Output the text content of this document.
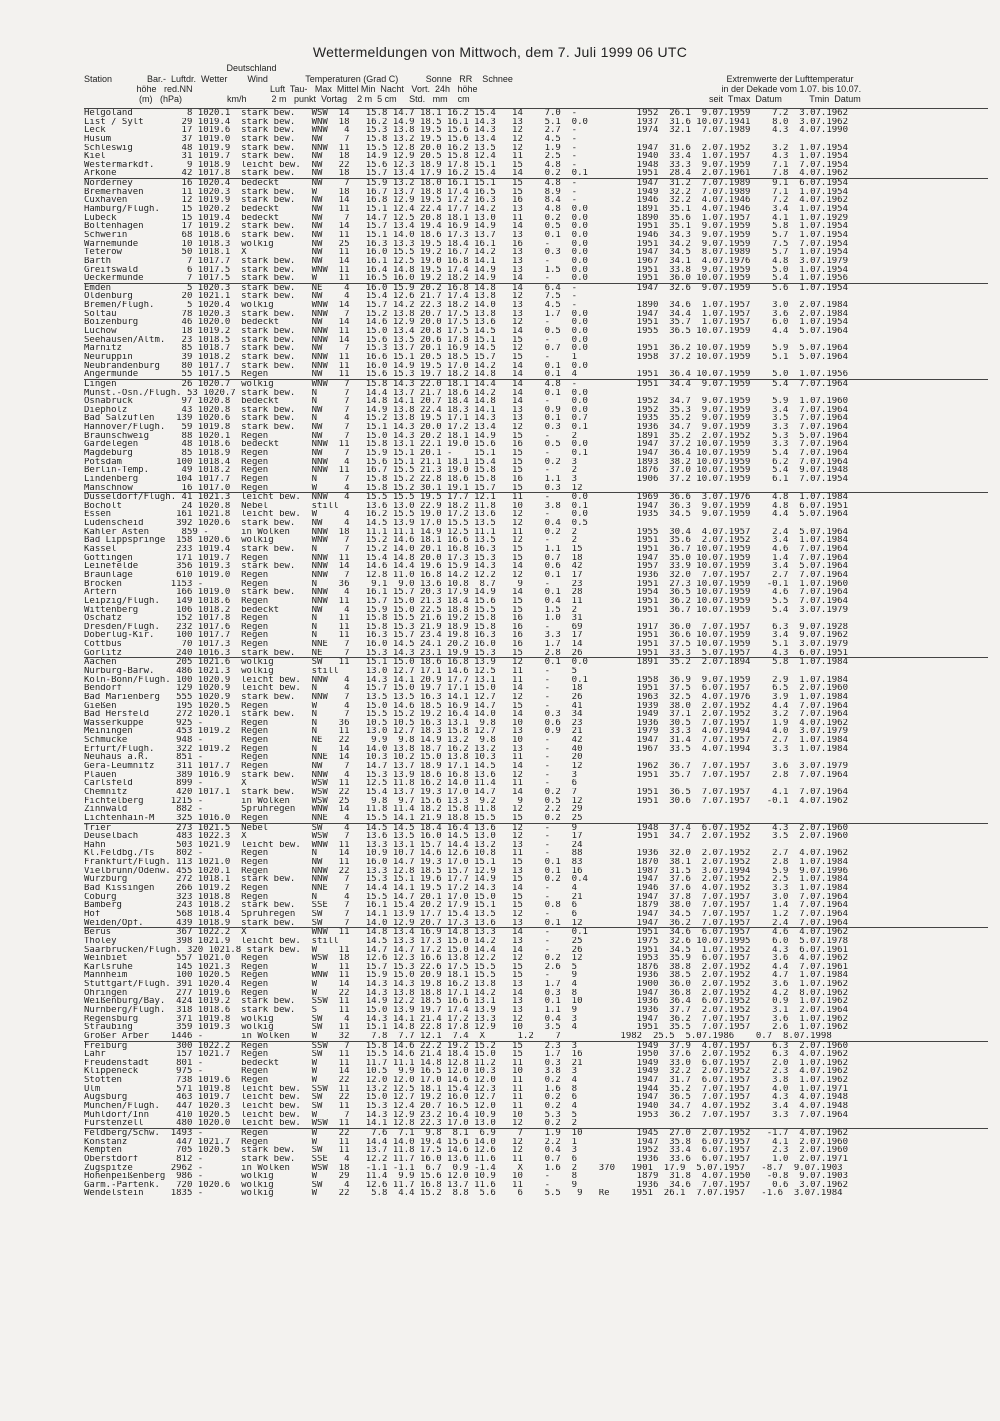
Wettermeldungen von Mittwoch, dem 7. Juli 1999 06 UTC
Deutschland
Station              Bar.-  Luftdr.  Wetter        Wind               Temperaturen (Grad C)           Sonne   RR    Schnee
höhe   red.NN                               Luft  Tau-   Max  Mittel Min  Nacht   Vort.  24h   höhe
(m)   (hPa)                  km/h          2 m   punkt  Vortag    2 m  5 cm     Std.   mm    cm
Extremwerte der Lufttemperatur
in der Dekade vom 1.07. bis 10.07.
seit  Tmax  Datum           Tmin  Datum
Helgoland          8 1020.1  stark bew.   WSW  14   15.8 14.7 18.1 16.2 15.4   14    7.0  -           1952  26.1  9.07.1959    7.2  3.07.1962
List / Sylt       29 1019.4  stark bew.   WNW  18   16.2 14.9 18.5 16.1 14.3   13    5.1  0.0         1937  31.6 10.07.1941    8.0  3.07.1962
Leck              17 1019.6  stark bew.   WNW   4   15.3 13.8 19.5 15.6 14.3   12    2.7  -           1974  32.1  7.07.1989    4.3  4.07.1990
Husum             37 1019.0  stark bew.   NW    7   15.8 13.2 19.5 15.6 13.4   12    4.5  -
Schleswig         48 1019.9  stark bew.   NNW  11   15.5 12.8 20.0 16.2 13.5   12    1.9  -           1947  31.6  2.07.1952    3.2  1.07.1954
Kiel              31 1019.7  stark bew.   NW   18   14.9 12.9 20.5 15.8 12.4   11    2.5  -           1940  33.4  1.07.1957    4.3  1.07.1954
Westermarkdf.      9 1018.9  leicht bew.  NW   22   15.6 12.3 18.9 17.8 15.1   15    4.8  -           1948  33.3  9.07.1959    7.1  7.07.1954
Arkone            42 1017.8  stark bew.   NW   18   15.7 13.4 17.9 16.2 15.4   14    0.2  0.1         1951  28.4  2.07.1961    7.8  4.07.1962
Norderney         16 1020.4  bedeckt      NW    7   15.9 13.2 18.0 16.1 15.1   15    4.8  -           1947  31.2  7.07.1989    9.1  6.07.1954
Bremerhaven       11 1020.3  stark bew.   W    18   16.7 13.7 18.8 17.4 16.5   15    8.9  -           1949  32.2  7.07.1989    7.1  1.07.1954
Cuxhaven          12 1019.9  stark bew.   NW   14   16.8 12.9 19.5 17.2 16.3   16    8.4  -           1946  32.2  4.07.1946    7.2  4.07.1962
Hamburg/Flugh.    15 1020.2  bedeckt      NW   11   15.1 12.4 22.4 17.7 14.2   13    4.8  0.0         1891  35.1  4.07.1946    3.4  1.07.1954
Lübeck            15 1019.4  bedeckt      NW    7   14.7 12.5 20.8 18.1 13.0   11    0.2  0.0         1890  35.6  1.07.1957    4.1  1.07.1929
Boltenhagen       17 1019.2  stark bew.   NW   14   15.7 13.4 19.4 16.9 14.9   14    0.5  0.0         1951  35.1  9.07.1959    5.8  1.07.1954
Schwerin          68 1018.6  stark bew.   NW   11   15.1 14.0 18.6 17.3 13.7   13    0.1  0.0         1946  34.3  9.07.1959    5.7  1.07.1954
Warnemünde        10 1018.3  wolkig       NW   25   16.3 13.3 19.5 18.4 16.1   16    -    0.0         1951  34.2  9.07.1959    7.5  7.07.1954
Teterow           50 1018.1  X            NW   11   16.0 15.5 19.2 16.7 14.2   13    0.3  0.0         1947  34.5  8.07.1989    5.7  1.07.1954
Barth              7 1017.7  stark bew.   NW   14   16.1 12.5 19.0 16.8 14.1   13    -    0.0         1967  34.1  4.07.1976    4.8  3.07.1979
Greifswald         6 1017.5  stark bew.   WNW  11   16.4 14.8 19.5 17.4 14.9   13    1.5  0.0         1951  33.8  9.07.1959    5.0  1.07.1954
Ueckermünde        7 1017.5  stark bew.   W    11   16.5 16.0 19.2 18.2 14.9   14    -    0.0         1951  36.0 10.07.1959    5.4  1.07.1956
Emden              5 1020.3  stark bew.   NE    4   16.0 15.9 20.2 16.8 14.8   14    6.4  -           1947  32.6  9.07.1959    5.6  1.07.1954
Oldenburg         20 1021.1  stark bew.   NW    4   15.4 12.6 21.7 17.4 13.8   12    7.5  -
Bremen/Flugh.      5 1020.4  wolkig       WNW  14   15.7 14.2 22.3 18.2 14.0   13    4.5  -           1890  34.6  1.07.1957    3.0  2.07.1984
Soltau            78 1020.3  stark bew.   NNW   7   15.2 13.8 20.7 17.5 13.8   13    1.7  0.0         1947  34.4  1.07.1957    3.6  2.07.1984
Boizenburg        46 1020.0  bedeckt      NW   14   14.6 12.9 20.0 17.5 13.6   12    -    0.0         1951  35.7  1.07.1957    6.0  1.07.1954
Lüchow            18 1019.2  stark bew.   NNW  11   15.0 13.4 20.8 17.5 14.5   14    0.5  0.0         1955  36.5 10.07.1959    4.4  5.07.1964
Seehausen/Altm.   23 1018.5  stark bew.   NNW  14   15.6 13.5 20.6 17.8 15.1   15    -    0.0
Marnitz           85 1018.7  stark bew.   NW    7   15.3 13.7 20.1 16.9 14.5   12    0.7  0.0         1951  36.2 10.07.1959    5.9  5.07.1964
Neuruppin         39 1018.2  stark bew.   NNW  11   16.6 15.1 20.5 18.5 15.7   15    -    1           1958  37.2 10.07.1959    5.1  5.07.1964
Neubrandenburg    80 1017.7  stark bew.   NNW  11   16.0 14.9 19.5 17.0 14.2   14    0.1  0.0
Angermünde        55 1017.5  Regen        NW   11   15.6 15.3 19.7 18.2 14.8   14    0.1  4           1951  36.4 10.07.1959    5.0  1.07.1956
Lingen            26 1020.7  wolkig       WNW   7   15.8 14.3 22.0 18.1 14.4   14    4.8  -           1951  34.4  9.07.1959    5.4  7.07.1964
Münst.-Osn./Flugh. 53 1020.7 stark bew.   N     7   14.4 13.7 21.7 18.6 14.2   14    0.1  0.0
Osnabrück         97 1020.8  bedeckt      N     7   14.8 14.1 20.7 18.4 14.8   14    -    0.0         1952  34.7  9.07.1959    5.9  1.07.1960
Diepholz          43 1020.8  stark bew.   NW    7   14.9 13.8 22.4 18.3 14.1   13    0.9  0.0         1952  35.3  9.07.1959    3.4  7.07.1964
Bad Salzuflen    139 1020.6  stark bew.   N     4   15.2 13.8 19.5 17.1 14.3   13    0.1  0.7         1935  35.2  9.07.1959    3.5  7.07.1964
Hannover/Flugh.   59 1019.8  stark bew.   NW    7   15.1 14.3 20.0 17.2 13.4   12    0.3  0.1         1936  34.7  9.07.1959    3.3  7.07.1964
Braunschweig      88 1020.1  Regen        NW    7   15.0 14.3 20.2 18.1 14.9   15    -    2           1891  35.2  2.07.1952    5.3  5.07.1964
Gardelegen        48 1018.6  bedeckt      NNW  11   15.8 13.1 22.1 19.0 15.6   16    0.5  0.0         1947  37.2 10.07.1959    3.3  7.07.1964
Magdeburg         85 1018.9  Regen        NW    7   15.9 15.1 20.1 -    15.1   15    -    0.1         1947  36.4 10.07.1959    5.4  7.07.1964
Potsdam          100 1018.4  Regen        NNW   4   15.6 15.1 21.1 18.1 15.4   15    0.2  3           1893  38.2 10.07.1959    6.2  7.07.1964
Berlin-Temp.      49 1018.2  Regen        NNW  11   16.7 15.5 21.3 19.0 15.8   15    -    2           1876  37.0 10.07.1959    5.4  9.07.1948
Lindenberg       104 1017.7  Regen        N     7   15.8 15.2 22.8 18.6 15.8   16    1.1  3           1906  37.2 10.07.1959    6.1  7.07.1954
Manschnow         16 1017.0  Regen        W     4   15.8 15.2 30.1 19.1 15.7   15    0.3  12
Düsseldorf/Flugh. 41 1021.3  leicht bew.  NNW   4   15.5 15.5 19.5 17.7 12.1   11    -    0.0         1969  36.6  3.07.1976    4.8  1.07.1984
Bocholt           24 1020.8  Nebel        still     13.6 13.0 22.9 18.2 11.8   10    3.8  0.1         1947  36.3  9.07.1959    4.8  6.07.1951
Essen            161 1021.8  leicht bew.  W     4   16.2 15.5 19.0 17.2 13.6   12    -    0.0         1935  34.5  9.07.1959    4.4  5.07.1964
Lüdenscheid      392 1020.6  stark bew.   NW    4   14.5 13.9 17.0 15.5 13.5   12    0.4  0.5
Kahler Asten      859 -      in Wolken    NNW  18   11.1 11.1 14.9 12.5 11.1   11    0.2  2           1955  30.4  4.07.1957    2.4  5.07.1964
Bad Lippspringe  158 1020.6  wolkig       WNW   7   15.2 14.6 18.1 16.6 13.5   12    -    2           1951  35.6  2.07.1952    3.4  1.07.1984
Kassel           233 1019.4  stark bew.   N     7   15.2 14.0 20.1 16.8 16.3   15    1.1  15          1951  36.7 10.07.1959    4.6  7.07.1964
Göttingen        171 1019.7  Regen        NNW  11   15.4 14.8 20.0 17.3 15.3   15    0.7  18          1947  35.0 10.07.1959    1.4  7.07.1964
Leinefelde       356 1019.3  stark bew.   NNW  14   14.6 14.4 19.6 15.9 14.3   14    0.6  42          1957  33.9 10.07.1959    3.4  5.07.1964
Braunlage        610 1019.0  Regen        NNW   7   12.8 11.0 16.8 14.2 12.2   12    0.1  17          1936  32.0  7.07.1957    2.7  7.07.1964
Brocken         1153 -       Regen        N    36    9.1  9.0 13.6 10.8  8.7    9    -    23          1951  27.3 10.07.1959   -0.1  1.07.1960
Artern           166 1019.0  stark bew.   NNW   4   16.1 15.7 20.3 17.9 14.9   14    0.1  28          1954  36.5 10.07.1959    4.6  7.07.1964
Leipzig/Flugh.   149 1018.6  Regen        NNW  11   15.7 15.0 21.3 18.4 15.6   15    0.4  11          1951  36.2 10.07.1959    5.5  7.07.1964
Wittenberg       106 1018.2  bedeckt      NW    4   15.9 15.0 22.5 18.8 15.5   15    1.5  2           1951  36.7 10.07.1959    5.4  3.07.1979
Oschatz          152 1017.8  Regen        N    11   15.8 15.5 21.6 19.2 15.8   16    1.0  31
Dresden/Flugh.   232 1017.6  Regen        N    11   15.8 15.3 21.9 18.9 15.8   16    -    69          1917  36.0  7.07.1957    6.3  9.07.1928
Doberlug-Kir.    100 1017.7  Regen        N    11   16.3 15.7 23.4 19.8 16.3   16    3.3  17          1951  36.6 10.07.1959    3.4  9.07.1962
Cottbus           70 1017.3  Regen        NNE   7   16.0 14.5 24.1 20.2 16.0   16    1.7  14          1951  37.5 10.07.1959    5.1  3.07.1979
Görlitz          240 1016.3  stark bew.   NE    7   15.3 14.3 23.1 19.9 15.3   15    2.8  26          1951  33.3  5.07.1957    4.3  6.07.1951
Aachen           205 1021.6  wolkig       SW   11   15.1 15.0 18.6 16.8 13.9   12    0.1  0.0         1891  35.2  2.07.1894    5.8  1.07.1984
Nürburg-Barw.    486 1021.3  wolkig       still     13.0 12.7 17.1 14.6 12.5   11    -    5
Köln-Bonn/Flugh. 100 1020.9  leicht bew.  NNW   4   14.3 14.1 20.9 17.7 13.1   11    -    0.1         1958  36.9  9.07.1959    2.9  1.07.1984
Bendorf          129 1020.9  leicht bew.  N     4   15.7 15.0 19.7 17.1 15.0   14    -    18          1951  37.5  6.07.1957    6.5  2.07.1960
Bad Marienberg   555 1020.9  stark bew.   NNW   7   13.5 13.5 16.3 14.1 12.7   12    -    26          1963  32.5  4.07.1976    3.9  1.07.1984
Gießen           195 1020.5  Regen        W     4   15.0 14.6 18.5 16.9 14.7   15    -    41          1939  38.0  2.07.1952    4.4  7.07.1964
Bad Hersfeld     272 1020.1  stark bew.   N     7   15.5 15.2 19.2 16.4 14.0   14    0.3  34          1949  37.1  2.07.1952    3.2  7.07.1964
Wasserkuppe      925 -       Regen        N    36   10.5 10.5 16.3 13.1  9.8   10    0.6  23          1936  30.5  7.07.1957    1.9  4.07.1962
Meiningen        453 1019.2  Regen        N    11   13.0 12.7 18.3 15.8 12.7   13    0.9  21          1979  33.3  4.07.1994    4.0  3.07.1979
Schmücke         948 -       Regen        NE   22    9.9  9.8 14.9 13.2  9.8   10    -    42          1947  31.4  7.07.1957    2.7  1.07.1984
Erfurt/Flugh.    322 1019.2  Regen        N    14   14.0 13.8 18.7 16.2 13.2   13    -    40          1967  33.5  4.07.1994    3.3  1.07.1984
Neuhaus a.R.     851 -       Regen        NNE  14   10.3 10.2 15.0 13.8 10.3   11    -    20
Gera-Leumnitz    311 1017.7  Regen        NW    7   14.7 13.7 18.9 17.1 14.5   14    -    12          1962  36.7  7.07.1957    3.6  3.07.1979
Plauen           389 1016.9  stark bew.   NNW   4   15.3 13.9 18.6 16.8 13.6   12    -    3           1951  35.7  7.07.1957    2.8  7.07.1964
Carlsfeld        899 -       X            WSW  11   12.5 11.8 16.2 14.0 11.4   11    -    6
Chemnitz         420 1017.1  stark bew.   WSW  22   15.4 13.7 19.3 17.0 14.7   14    0.2  7           1951  36.5  7.07.1957    4.1  7.07.1964
Fichtelberg     1215 -       in Wolken    WSW  25    9.8  9.7 15.6 13.3  9.2    9    0.5  12          1951  30.6  7.07.1957   -0.1  4.07.1962
Zinnwald         882 -       Sprühregen   WNW  14   11.8 11.4 18.2 15.8 11.8   12    2.2  29
Lichtenhain-M    325 1016.0  Regen        NNE   4   15.5 14.1 21.9 18.8 15.5   15    0.2  25
Trier            273 1021.5  Nebel        SW    4   14.5 14.5 18.4 16.4 13.6   12    -    9           1948  37.4  6.07.1952    4.3  2.07.1960
Deuselbach       483 1022.3  X            WSW   7   13.6 13.5 16.0 14.5 13.0   12    -    17          1951  34.7  2.07.1952    3.5  2.07.1960
Hahn             503 1021.9  leicht bew.  WNW  11   13.3 13.1 15.7 14.4 13.2   13    -    24
Kl.Feldbg./Ts    802 -       Regen        N    14   10.9 10.7 14.6 12.6 10.8   11    -    88          1936  32.0  2.07.1952    2.7  4.07.1962
Frankfurt/Flugh. 113 1021.0  Regen        NW   11   16.0 14.7 19.3 17.0 15.1   15    0.1  83          1870  38.1  2.07.1952    2.8  1.07.1984
Vielbrunn/Odenw. 455 1020.1  Regen        NNW  22   13.3 12.8 18.5 15.7 12.9   13    0.1  16          1987  31.5  3.07.1994    5.9  9.07.1996
Würzburg         272 1018.1  stark bew.   NNW   7   15.3 15.1 19.6 17.7 14.9   15    0.2  0.4         1947  37.6  2.07.1952    2.5  1.07.1984
Bad Kissingen    266 1019.2  Regen        NNE   7   14.4 14.1 19.5 17.2 14.3   14    -    4           1946  37.6  4.07.1952    3.3  1.07.1984
Coburg           323 1018.8  Regen        N     4   15.5 14.7 20.1 17.0 15.0   15    -    21          1947  37.8  7.07.1957    3.0  7.07.1964
Bamberg          243 1018.2  stark bew.   SSE   7   16.1 15.4 20.2 17.9 15.1   15    0.8  6           1879  38.0  7.07.1957    1.4  7.07.1964
Hof              568 1018.4  Sprühregen   SW    7   14.1 13.9 17.7 15.4 13.5   12    -    6           1947  34.5  7.07.1957    1.2  7.07.1964
Weiden/Opf.      439 1018.9  stark bew.   SW    7   14.0 12.9 20.7 17.3 13.6   13    0.1  12          1947  36.2  7.07.1957    2.4  7.07.1964
Berus            367 1022.2  X            WNW  11   14.8 13.4 16.9 14.8 13.3   14    -    0.1         1951  34.6  6.07.1957    4.6  4.07.1962
Tholey           398 1021.9  leicht bew.  still     14.5 13.3 17.3 15.0 14.2   13    -    25          1975  32.6 10.07.1995    6.0  5.07.1978
Saarbrücken/Flugh. 320 1021.8 stark bew.  W    11   14.7 14.7 17.2 15.0 14.4   14    -    26          1951  34.5  1.07.1952    4.3  6.07.1961
Weinbiet         557 1021.0  Regen        WSW  18   12.6 12.3 16.6 13.8 12.2   12    0.2  12          1953  35.9  6.07.1957    3.6  4.07.1962
Karlsruhe        145 1021.3  Regen        W    11   15.7 15.3 22.6 17.5 15.5   15    2.6  5           1876  38.8  2.07.1952    4.4  7.07.1961
Mannheim         100 1020.5  Regen        WNW  11   15.9 15.0 20.9 18.1 15.5   15    -    9           1936  38.5  2.07.1952    4.7  1.07.1984
Stuttgart/Flugh. 391 1020.4  Regen        W    14   14.3 14.3 19.8 16.2 13.8   13    1.7  4           1900  36.0  2.07.1952    3.6  1.07.1962
Öhringen         277 1019.6  Regen        W    22   14.3 13.8 18.8 17.1 14.2   14    0.3  8           1947  36.8  2.07.1952    4.2  8.07.1962
Weißenburg/Bay.  424 1019.2  stark bew.   SSW  11   14.9 12.2 18.5 16.6 13.1   13    0.1  10          1936  36.4  6.07.1952    0.9  1.07.1962
Nürnberg/Flugh.  318 1018.6  stark bew.   S    11   15.0 13.9 19.7 17.4 13.9   13    1.1  9           1936  37.7  2.07.1952    3.1  2.07.1964
Regensburg       371 1019.8  wolkig       SW    4   14.3 14.1 21.4 17.2 13.3   12    0.4  3           1947  36.2  7.07.1957    3.6  1.07.1962
Straubing        359 1019.3  wolkig       SW   11   15.1 14.8 22.8 17.8 12.9   10    3.5  4           1951  35.5  7.07.1957    2.6  1.07.1962
Großer Arber    1446 -       in Wolken    W    32    7.8  7.7 12.1  7.4  X      1.2    7           1982  25.5  5.07.1986    0.7  8.07.1998
Freiburg         300 1022.2  Regen        SSW   7   15.8 14.6 22.2 19.2 15.2   15    2.3  3           1949  37.9  4.07.1957    6.3  2.07.1960
Lahr             157 1021.7  Regen        SW   11   15.5 14.6 21.4 18.4 15.0   15    1.7  16          1950  37.6  2.07.1952    6.3  4.07.1962
Freudenstadt     801 -       bedeckt      W    11   11.7 11.1 14.8 12.8 11.2   11    0.3  21          1949  33.0  6.07.1957    2.0  1.07.1962
Klippeneck       975 -       Regen        W    14   10.5  9.9 16.5 12.0 10.3   10    3.8  3           1949  32.2  2.07.1952    2.3  4.07.1962
Stötten          738 1019.6  Regen        W    22   12.0 12.0 17.0 14.6 12.0   11    0.2  4           1947  31.7  6.07.1957    3.8  1.07.1962
Ulm              571 1019.8  leicht bew.  SSW  11   13.2 12.5 18.1 15.4 12.3   11    1.6  8           1944  35.2  7.07.1957    4.0  1.07.1971
Augsburg         463 1019.7  leicht bew.  SW   22   15.0 12.7 19.2 16.0 12.7   11    0.2  6           1947  36.5  7.07.1957    4.3  4.07.1948
München/Flugh.   447 1020.3  leicht bew.  SW   11   15.3 12.4 20.7 16.5 12.0   11    0.2  4           1940  34.7  4.07.1952    3.4  4.07.1948
Mühldorf/Inn     410 1020.5  leicht bew.  W     7   14.3 12.9 23.2 16.4 10.9   10    5.3  5           1953  36.2  7.07.1957    3.3  7.07.1964
Fürstenzell      480 1020.0  leicht bew.  WSW  11   14.1 12.8 22.3 17.0 13.0   12    0.2  2
Feldberg/Schw.  1493 -       Regen        W    22    7.6  7.1  9.8  8.1  6.9    7    1.9  10          1945  27.0  2.07.1952   -1.7  4.07.1962
Konstanz         447 1021.7  Regen        W    11   14.4 14.0 19.4 15.6 14.0   12    2.2  1           1947  35.8  6.07.1957    4.1  2.07.1960
Kempten          705 1020.5  stark bew.   SW   11   13.7 11.8 17.5 14.6 12.6   12    0.4  3           1952  33.4  6.07.1957    2.3  2.07.1960
Oberstdorf       812 -       stark bew.   SSE   4   12.2 11.7 16.0 13.6 11.6   11    0.7  6           1936  33.6  6.07.1957    1.0  2.07.1971
Zugspitze       2962 -       in Wolken    WSW  18   -1.1 -1.1  6.7  0.9 -1.4    X    1.6  2    370   1901  17.9  5.07.1957   -8.7  9.07.1903
Hohenpeißenberg  986 -       wolkig       W    29   11.4  9.9 15.6 12.0 10.9   10    -    8           1879  31.8  4.07.1950   -0.8  9.07.1903
Garm.-Partenk.   720 1020.6  wolkig       SW    4   12.6 11.7 16.8 13.7 11.6   11    -    9           1936  34.6  7.07.1957    0.6  3.07.1962
Wendelstein     1835 -       wolkig       W    22    5.8  4.4 15.2  8.8  5.6    6    5.5   9   Re    1951  26.1  7.07.1957   -1.6  3.07.1984
